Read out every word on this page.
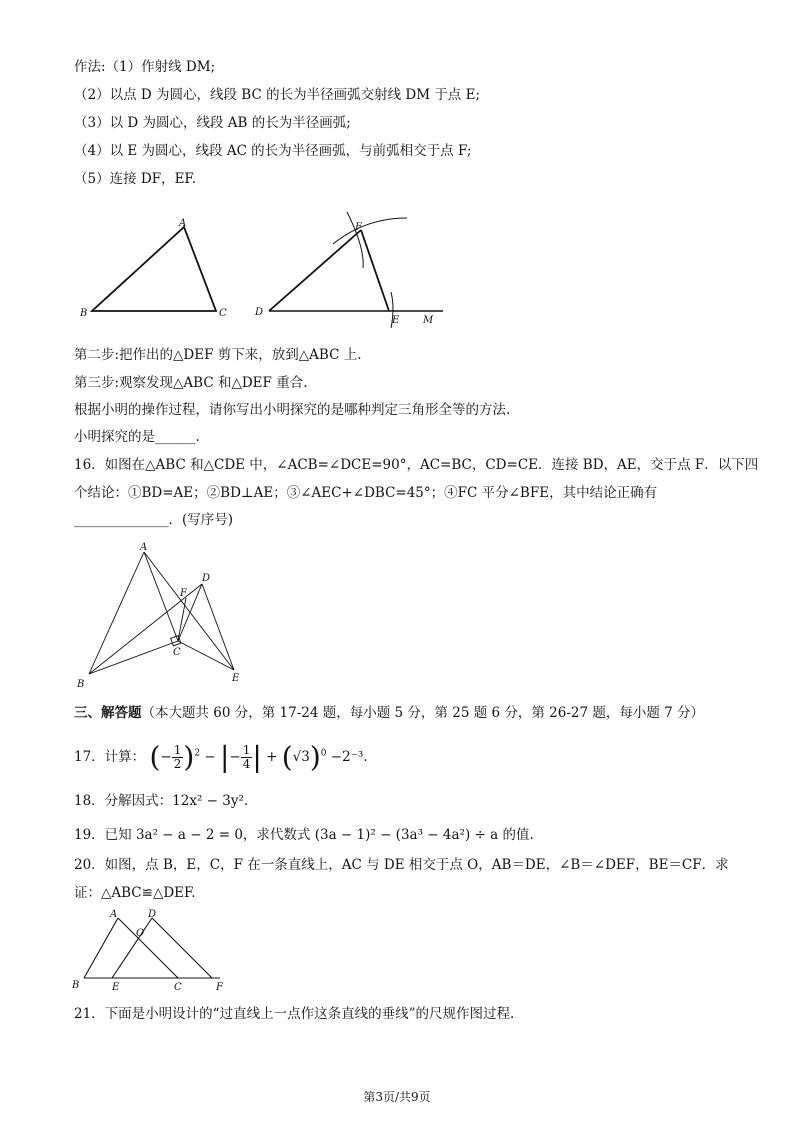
作法:（1）作射线 DM;
（2）以点 D 为圆心，线段 BC 的长为半径画弧交射线 DM 于点 E;
（3）以 D 为圆心，线段 AB 的长为半径画弧;
（4）以 E 为圆心，线段 AC 的长为半径画弧，与前弧相交于点 F;
（5）连接 DF，EF.
A
B	C
F
D
E M
第二步:把作出的△DEF 剪下来，放到△ABC 上.
第三步:观察发现△ABC 和△DEF 重合.
根据小明的操作过程，请你写出小明探究的是哪种判定三角形全等的方法.
小明探究的是______.
16．如图在△ABC 和△CDE 中，∠ACB=∠DCE=90°，AC=BC，CD=CE．连接 BD，AE，交于点 F．以下四
个结论：①BD=AE；②BD⊥AE；③∠AEC+∠DBC=45°；④FC 平分∠BFE，其中结论正确有
______________．(写序号)
A
D
F
C
B
E
三、解答题（本大题共 60 分，第 17-24 题，每小题 5 分，第 25 题 6 分，第 26-27 题，每小题 7 分）
17．计算： (− $\frac{1}{2} )^2$ − |− $\frac{1}{4}$ | + $(√3)^0 -2^{-3}$.
18．分解因式：12x² − 3y².
19．已知 3a² − a − 2 = 0，求代数式 (3a − 1)² − (3a³ − 4a²) ÷ a 的值.
20．如图，点 B，E，C，F 在一条直线上，AC 与 DE 相交于点 O，AB＝DE，∠B＝∠DEF，BE＝CF．求
证：△ABC≌△DEF.
A	D
O
B	E	C	F
21．下面是小明设计的“过直线上一点作这条直线的垂线”的尺规作图过程.
第3页/共9页
